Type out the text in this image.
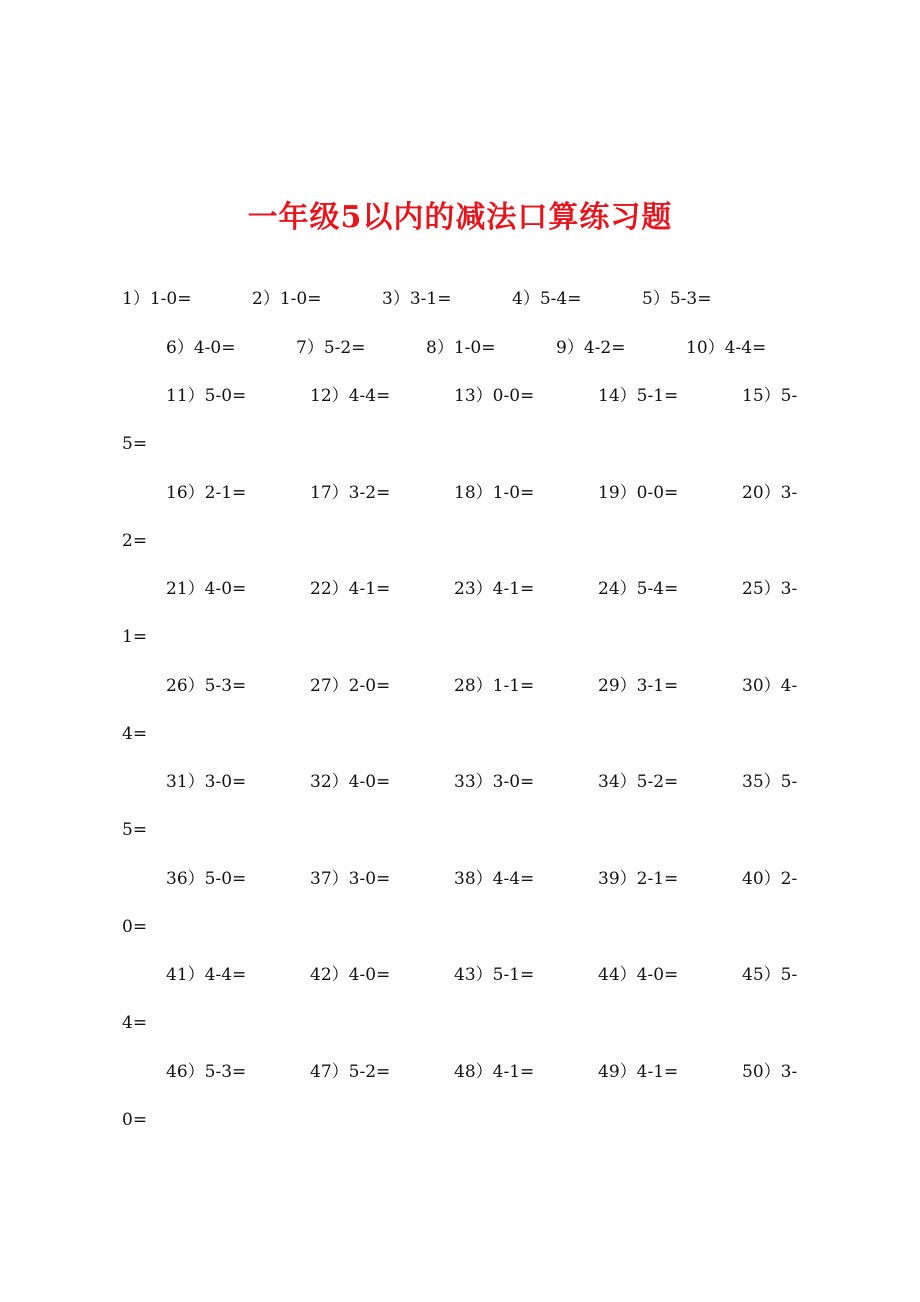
一年级5以内的减法口算练习题
1）1-0=	2）1-0=	3）3-1=	4）5-4=	5）5-3=
6）4-0=	7）5-2=	8）1-0=	9）4-2=	10）4-4=
11）5-0=	12）4-4=	13）0-0=	14）5-1=	15）5-
5=
16）2-1=	17）3-2=	18）1-0=	19）0-0=	20）3-
2=
21）4-0=	22）4-1=	23）4-1=	24）5-4=	25）3-
1=
26）5-3=	27）2-0=	28）1-1=	29）3-1=	30）4-
4=
31）3-0=	32）4-0=	33）3-0=	34）5-2=	35）5-
5=
36）5-0=	37）3-0=	38）4-4=	39）2-1=	40）2-
0=
41）4-4=	42）4-0=	43）5-1=	44）4-0=	45）5-
4=
46）5-3=	47）5-2=	48）4-1=	49）4-1=	50）3-
0=
